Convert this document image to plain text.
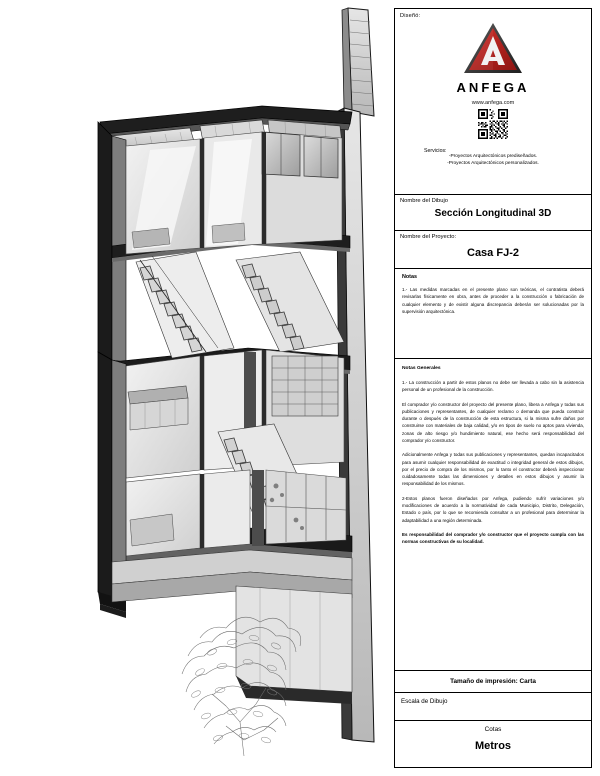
Diseñó:
ANFEGA
www.anfega.com
Servicios:
-Proyectos Arquitectónicos prediseñados.
-Proyectos Arquitectónicos personalizados.
Nombre del Dibujo
Sección Longitudinal 3D
Nombre del Proyecto:
Casa FJ-2
Notas
1.- Las medidas marcadas en el presente plano son teóricas, el contratista deberá revisarlas físicamente en obra, antes de proceder a la construcción o fabricación de cualquier elemento y de existir alguna discrepancia deberán ser solucionadas por la supervisión arquitectónica.
Notas Generales
1.- La construcción a partir de estos planos no debe ser llevada a cabo sin la asistencia personal de un profesional de la construcción.
El comprador y/o constructor del proyecto del presente plano, libera a Anfega y todas sus publicaciones y representantes, de cualquier reclamo o demanda que pueda construir durante o después de la construcción de esta estructura, si la misma sufre daños por construirse con materiales de baja calidad, y/o en tipos de suelo no aptos para vivienda, zonas de alto riesgo y/o hundimiento natural, ese hecho será responsabilidad del comprador y/o constructor.
Adicionalmente Anfega y todas sus publicaciones y representantes, quedan incapacitados para asumir cualquier responsabilidad de exactitud o integridad general de estos dibujos, por el precio de compra de los mismos, por lo tanto el constructor deberá inspeccionar cuidadosamente todas las dimensiones y detalles en estos dibujos y asumir la responsabilidad de los mismos.
2-Estos planos fueron diseñados por Anfega, pudiendo sufrir variaciones y/o modificaciones de acuerdo a la normatividad de cada Municipio, Distrito, Delegación, Estado o país, por lo que se recomienda consultar a un profesional para determinar la adaptabilidad a una región determinada.
Es responsabilidad del comprador y/o constructor que el proyecto cumpla con las normas constructivas de su localidad.
Tamaño de impresión: Carta
Escala de Dibujo
Cotas
Metros
